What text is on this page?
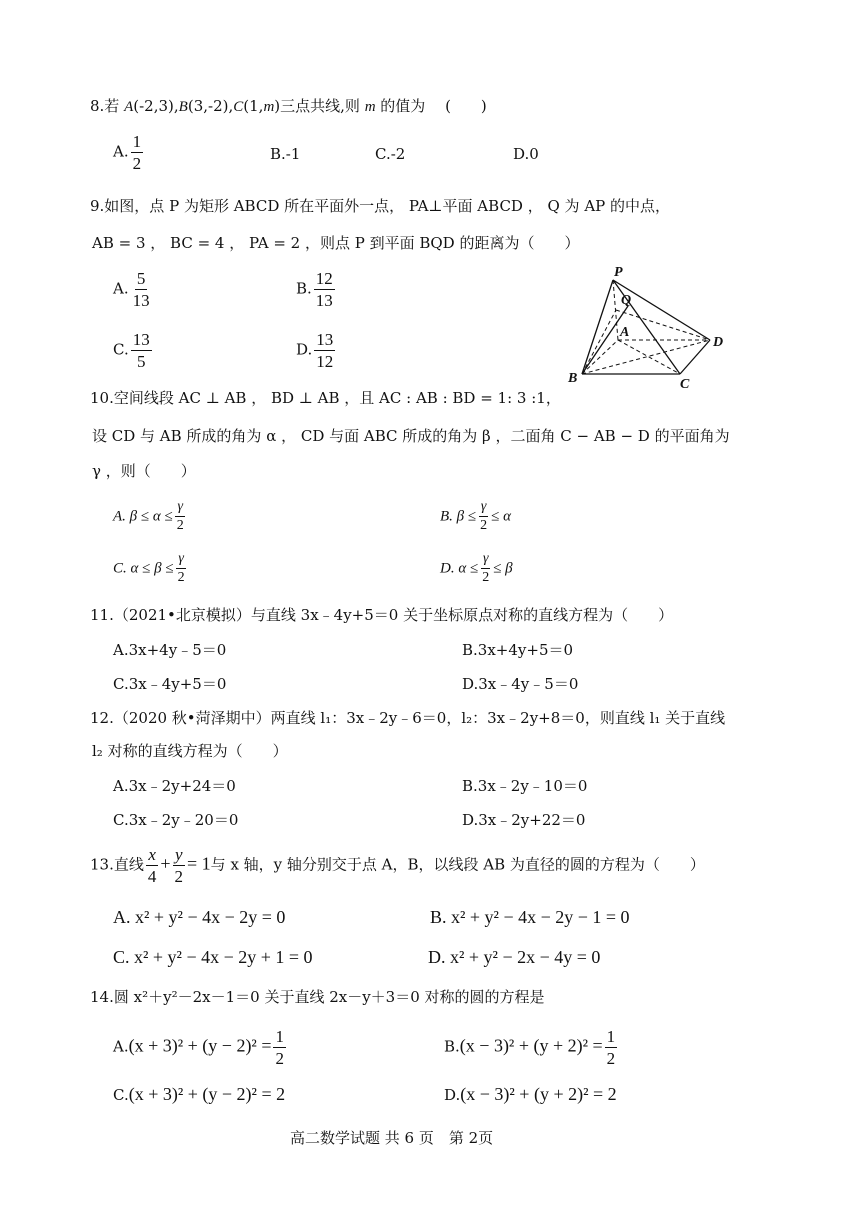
8.若 A(-2,3),B(3,-2),C(1,m)三点共线,则 m 的值为　 (　　)
A. $\frac{1}{2}$	B.-1	C.-2	D.0
9.如图，点 P 为矩形 ABCD 所在平面外一点， PA⊥平面 ABCD ， Q 为 AP 的中点，
AB = 3 ， BC = 4 ， PA = 2 ，则点 P 到平面 BQD 的距离为（　　）
A. $\frac{5}{13}$	B. $\frac{12}{13}$
C. $\frac{13}{5}$	D. $\frac{13}{12}$
P
Q
A
B	C
D
10.空间线段 AC ⊥ AB ， BD ⊥ AB ，且 AC : AB : BD = 1: 3 :1，
设 CD 与 AB 所成的角为 α ， CD 与面 ABC 所成的角为 β ，二面角 C − AB − D 的平面角为
γ ，则（　　）
A. $\beta \le \alpha \le \frac{\gamma}{2}$	B. $\beta \le \frac{\gamma}{2} \le \alpha$
C. $\alpha \le \beta \le \frac{\gamma}{2}$	D. $\alpha \le \frac{\gamma}{2} \le \beta$
11.（2021•北京模拟）与直线 3x﹣4y+5＝0 关于坐标原点对称的直线方程为（　　）
A.3x+4y﹣5＝0	B.3x+4y+5＝0
C.3x﹣4y+5＝0	D.3x﹣4y﹣5＝0
12.（2020 秋•菏泽期中）两直线 l₁：3x﹣2y﹣6＝0，l₂：3x﹣2y+8＝0，则直线 l₁ 关于直线
l₂ 对称的直线方程为（　　）
A.3x﹣2y+24＝0	B.3x﹣2y﹣10＝0
C.3x﹣2y﹣20＝0	D.3x﹣2y+22＝0
13.直线 $\frac{x}{4} + \frac{y}{2} = 1$与 x 轴，y 轴分别交于点 A，B，以线段 AB 为直径的圆的方程为（　　）
A. x² + y² − 4x − 2y = 0	B. x² + y² − 4x − 2y − 1 = 0
C. x² + y² − 4x − 2y + 1 = 0	D. x² + y² − 2x − 4y = 0
14.圆 x²＋y²－2x－1＝0 关于直线 2x－y＋3＝0 对称的圆的方程是
$A.(x + 3)^2 + (y - 2)^2 = \frac{1}{2}$	$B.(x - 3)^2 + (y + 2)^2 = \frac{1}{2}$
C.(x + 3)² + (y − 2)² = 2	D.(x − 3)² + (y + 2)² = 2
高二数学试题 共 6 页　第 2页
